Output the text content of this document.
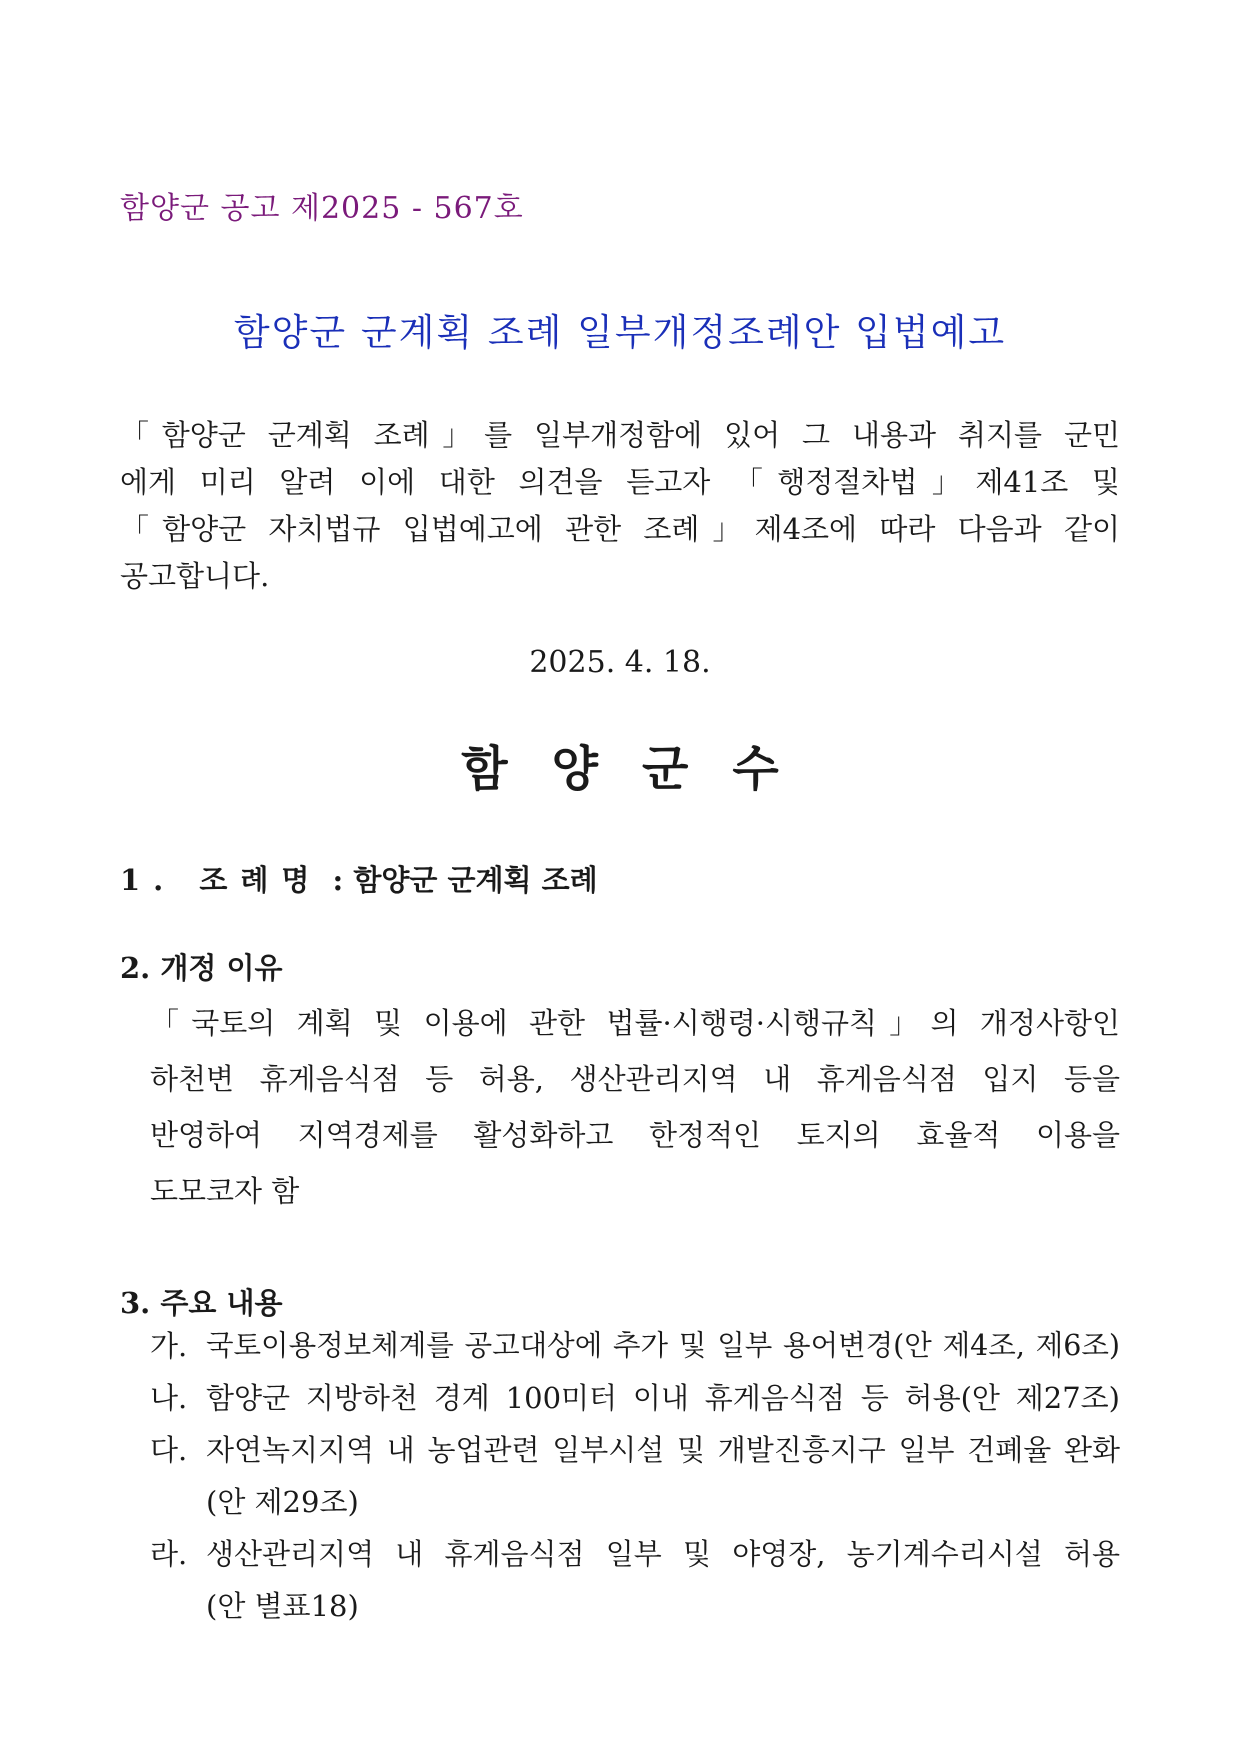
함양군 공고 제2025 - 567호
함양군 군계획 조례 일부개정조례안 입법예고
「함양군 군계획 조례」를 일부개정함에 있어 그 내용과 취지를 군민
에게 미리 알려 이에 대한 의견을 듣고자 「행정절차법」제41조 및
「함양군 자치법규 입법예고에 관한 조례」제4조에 따라 다음과 같이
공고합니다.
2025. 4. 18.
함양군수
1. 조례명 : 함양군 군계획 조례
2. 개정 이유
「국토의 계획 및 이용에 관한 법률·시행령·시행규칙」의 개정사항인
하천변 휴게음식점 등 허용, 생산관리지역 내 휴게음식점 입지 등을
반영하여 지역경제를 활성화하고 한정적인 토지의 효율적 이용을
도모코자 함
3. 주요 내용
가. 국토이용정보체계를 공고대상에 추가 및 일부 용어변경(안 제4조, 제6조)
나. 함양군 지방하천 경계 100미터 이내 휴게음식점 등 허용(안 제27조)
다. 자연녹지지역 내 농업관련 일부시설 및 개발진흥지구 일부 건폐율 완화
(안 제29조)
라. 생산관리지역 내 휴게음식점 일부 및 야영장, 농기계수리시설 허용
(안 별표18)
